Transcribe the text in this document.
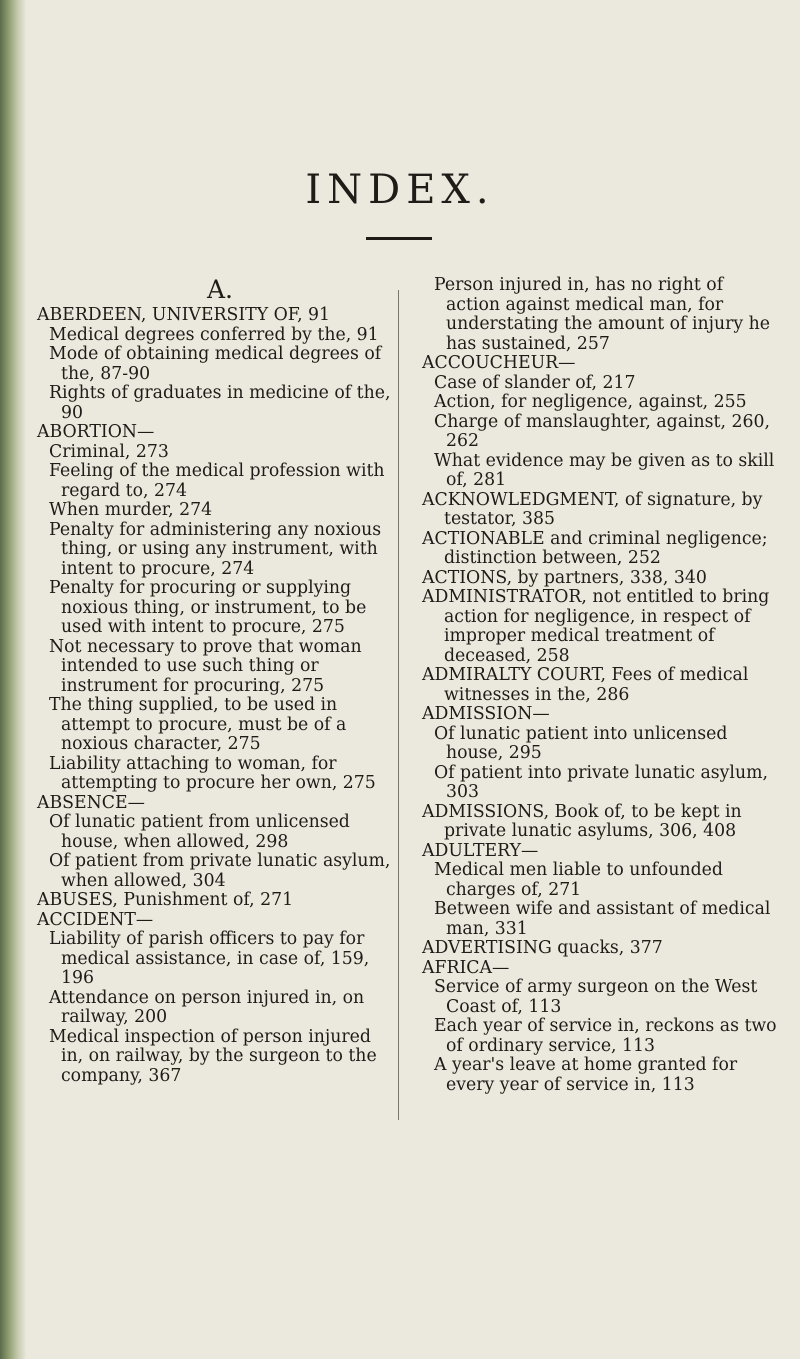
INDEX.
A.

ABERDEEN, UNIVERSITY OF, 91

Medical degrees conferred by the, 91

Mode of obtaining medical degrees of the, 87-90

Rights of graduates in medicine of the, 90

ABORTION—

Criminal, 273

Feeling of the medical profession with regard to, 274

When murder, 274

Penalty for administering any noxious thing, or using any instrument, with intent to procure, 274

Penalty for procuring or supplying noxious thing, or instrument, to be used with intent to procure, 275

Not necessary to prove that woman intended to use such thing or instrument for procuring, 275

The thing supplied, to be used in attempt to procure, must be of a noxious character, 275

Liability attaching to woman, for attempting to procure her own, 275

ABSENCE—

Of lunatic patient from unlicensed house, when allowed, 298

Of patient from private lunatic asylum, when allowed, 304

ABUSES, Punishment of, 271

ACCIDENT—

Liability of parish officers to pay for medical assistance, in case of, 159, 196

Attendance on person injured in, on railway, 200

Medical inspection of person injured in, on railway, by the surgeon to the company, 367

Person injured in, has no right of action against medical man, for understating the amount of injury he has sustained, 257

ACCOUCHEUR—

Case of slander of, 217

Action, for negligence, against, 255

Charge of manslaughter, against, 260, 262

What evidence may be given as to skill of, 281

ACKNOWLEDGMENT, of signature, by testator, 385

ACTIONABLE and criminal negligence; distinction between, 252

ACTIONS, by partners, 338, 340

ADMINISTRATOR, not entitled to bring action for negligence, in respect of improper medical treatment of deceased, 258

ADMIRALTY COURT, Fees of medical witnesses in the, 286

ADMISSION—

Of lunatic patient into unlicensed house, 295

Of patient into private lunatic asylum, 303

ADMISSIONS, Book of, to be kept in private lunatic asylums, 306, 408

ADULTERY—

Medical men liable to unfounded charges of, 271

Between wife and assistant of medical man, 331

ADVERTISING quacks, 377

AFRICA—

Service of army surgeon on the West Coast of, 113

Each year of service in, reckons as two of ordinary service, 113

A year's leave at home granted for every year of service in, 113
